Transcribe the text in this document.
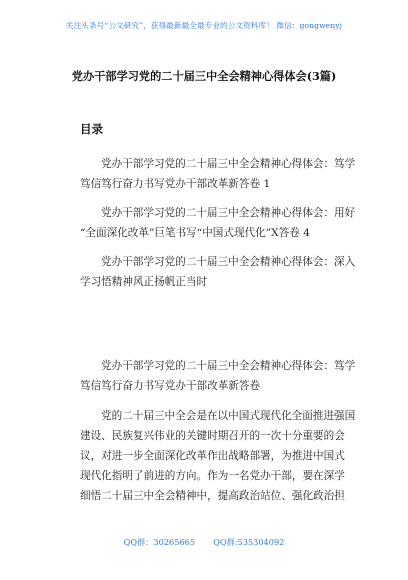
关注头条号“公文研究”，获得最新最全最专业的公文资料库！ 微信：gongwenyj
党办干部学习党的二十届三中全会精神心得体会(3篇)
目录
党办干部学习党的二十届三中全会精神心得体会：笃学
笃信笃行奋力书写党办干部改革新答卷 1
党办干部学习党的二十届三中全会精神心得体会：用好
“全面深化改革”巨笔书写“中国式现代化”X答卷 4
党办干部学习党的二十届三中全会精神心得体会：深入
学习悟精神风正扬帆正当时
党办干部学习党的二十届三中全会精神心得体会：笃学
笃信笃行奋力书写党办干部改革新答卷
党的二十届三中全会是在以中国式现代化全面推进强国
建设、民族复兴伟业的关键时期召开的一次十分重要的会
议，对进一步全面深化改革作出战略部署，为推进中国式
现代化指明了前进的方向。作为一名党办干部，要在深学
细悟二十届三中全会精神中，提高政治站位、强化政治担
QQ群：30265665 QQ群:535304092
